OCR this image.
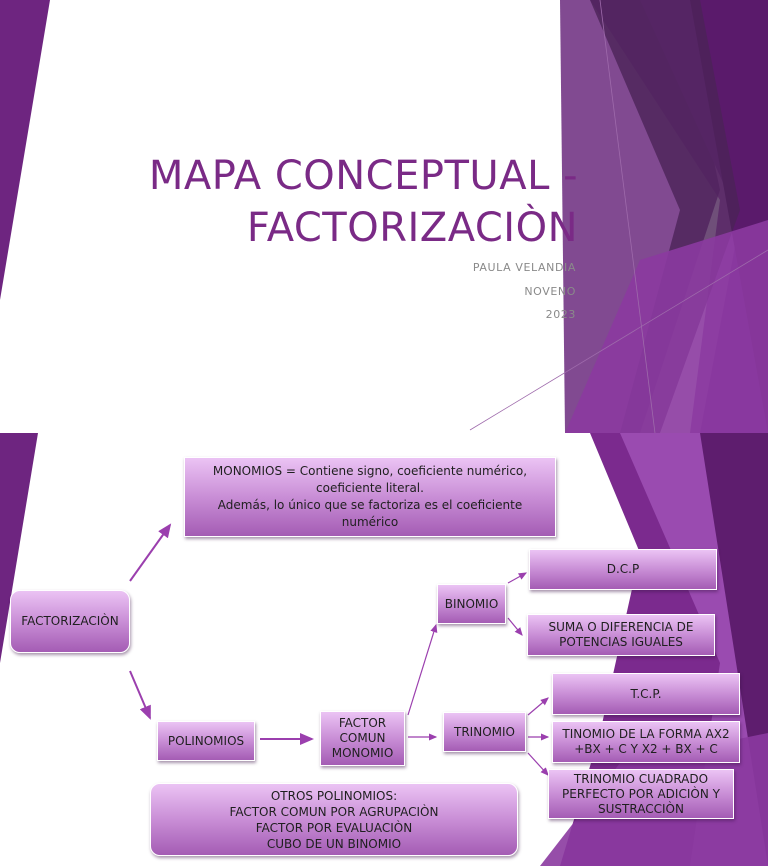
MAPA CONCEPTUAL -
FACTORIZACIÒN
PAULA VELANDIA
NOVENO
2023
FACTORIZACIÒN
MONOMIOS = Contiene signo, coeficiente numérico, coeficiente literal.
Además, lo único que se factoriza es el coeficiente numérico
POLINOMIOS
FACTOR
COMUN
MONOMIO
BINOMIO
TRINOMIO
D.C.P
SUMA O DIFERENCIA DE
POTENCIAS IGUALES
T.C.P.
TINOMIO DE LA FORMA AX2
+BX + C Y X2 + BX + C
TRINOMIO CUADRADO
PERFECTO POR ADICIÒN Y
SUSTRACCIÒN
OTROS POLINOMIOS:
FACTOR COMUN POR AGRUPACIÒN
FACTOR POR EVALUACIÒN
CUBO DE UN BINOMIO
